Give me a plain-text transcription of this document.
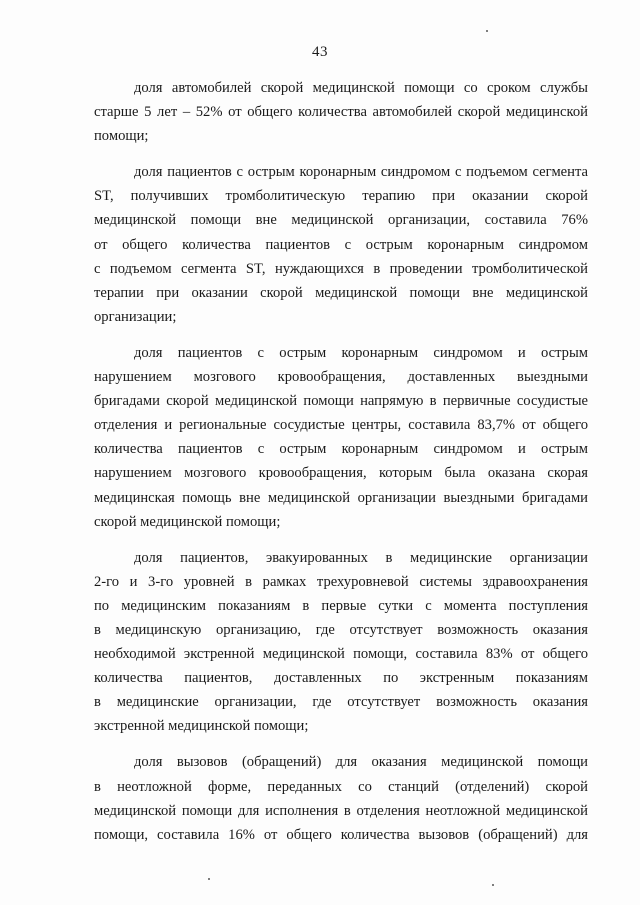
43
доля автомобилей скорой медицинской помощи со сроком службы
старше 5 лет – 52% от общего количества автомобилей скорой медицинской
помощи;
доля пациентов с острым коронарным синдромом с подъемом сегмента
ST, получивших тромболитическую терапию при оказании скорой
медицинской помощи вне медицинской организации, составила 76%
от общего количества пациентов с острым коронарным синдромом
с подъемом сегмента ST, нуждающихся в проведении тромболитической
терапии при оказании скорой медицинской помощи вне медицинской
организации;
доля пациентов с острым коронарным синдромом и острым
нарушением мозгового кровообращения, доставленных выездными
бригадами скорой медицинской помощи напрямую в первичные сосудистые
отделения и региональные сосудистые центры, составила 83,7% от общего
количества пациентов с острым коронарным синдромом и острым
нарушением мозгового кровообращения, которым была оказана скорая
медицинская помощь вне медицинской организации выездными бригадами
скорой медицинской помощи;
доля пациентов, эвакуированных в медицинские организации
2-го и 3-го уровней в рамках трехуровневой системы здравоохранения
по медицинским показаниям в первые сутки с момента поступления
в медицинскую организацию, где отсутствует возможность оказания
необходимой экстренной медицинской помощи, составила 83% от общего
количества пациентов, доставленных по экстренным показаниям
в медицинские организации, где отсутствует возможность оказания
экстренной медицинской помощи;
доля вызовов (обращений) для оказания медицинской помощи
в неотложной форме, переданных со станций (отделений) скорой
медицинской помощи для исполнения в отделения неотложной медицинской
помощи, составила 16% от общего количества вызовов (обращений) для
